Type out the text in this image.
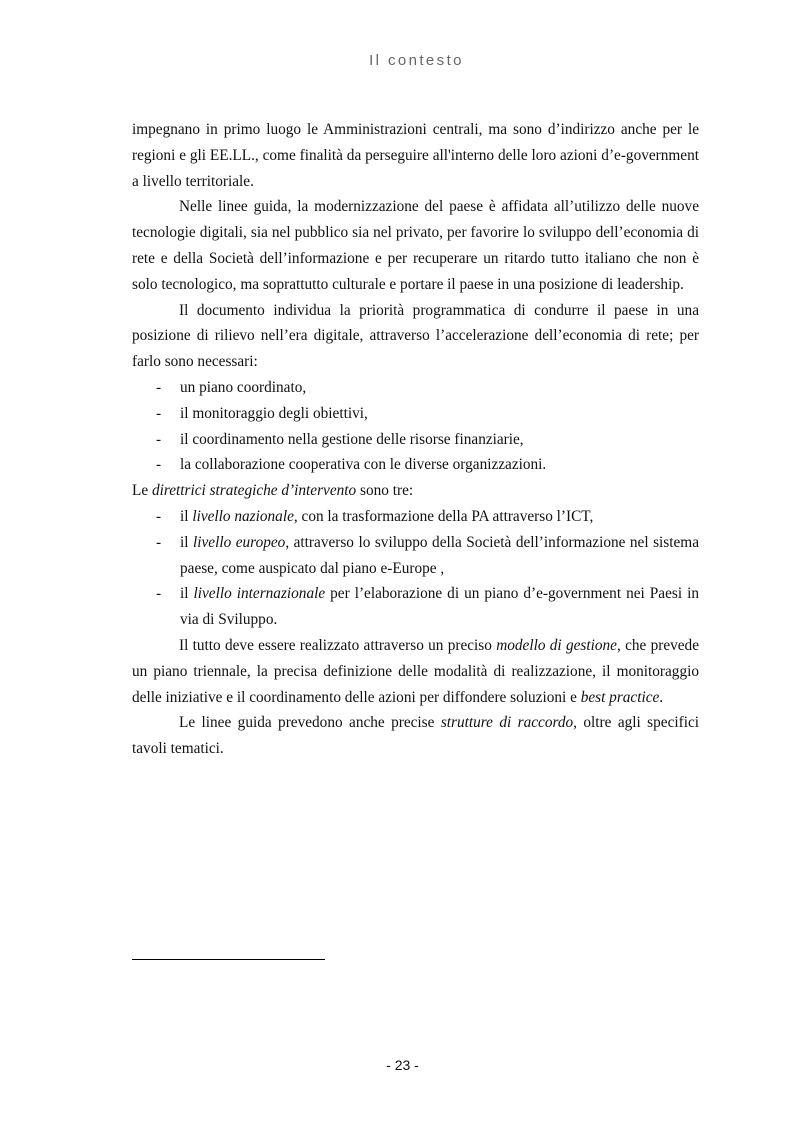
Il contesto

impegnano in primo luogo le Amministrazioni centrali, ma sono d’indirizzo anche per le regioni e gli EE.LL., come finalità da perseguire all'interno delle loro azioni d’e-government a livello territoriale.

Nelle linee guida, la modernizzazione del paese è affidata all’utilizzo delle nuove tecnologie digitali, sia nel pubblico sia nel privato, per favorire lo sviluppo dell’economia di rete e della Società dell’informazione e per recuperare un ritardo tutto italiano che non è solo tecnologico, ma soprattutto culturale e portare il paese in una posizione di leadership.

Il documento individua la priorità programmatica di condurre il paese in una posizione di rilievo nell’era digitale, attraverso l’accelerazione dell’economia di rete; per farlo sono necessari:

- un piano coordinato,
- il monitoraggio degli obiettivi,
- il coordinamento nella gestione delle risorse finanziarie,
- la collaborazione cooperativa con le diverse organizzazioni.

Le direttrici strategiche d’intervento sono tre:

- il livello nazionale, con la trasformazione della PA attraverso l’ICT,
- il livello europeo, attraverso lo sviluppo della Società dell’informazione nel sistema paese, come auspicato dal piano e-Europe ,
- il livello internazionale per l’elaborazione di un piano d’e-government nei Paesi in via di Sviluppo.

Il tutto deve essere realizzato attraverso un preciso modello di gestione, che prevede un piano triennale, la precisa definizione delle modalità di realizzazione, il monitoraggio delle iniziative e il coordinamento delle azioni per diffondere soluzioni e best practice.

Le linee guida prevedono anche precise strutture di raccordo, oltre agli specifici tavoli tematici.

- 23 -
